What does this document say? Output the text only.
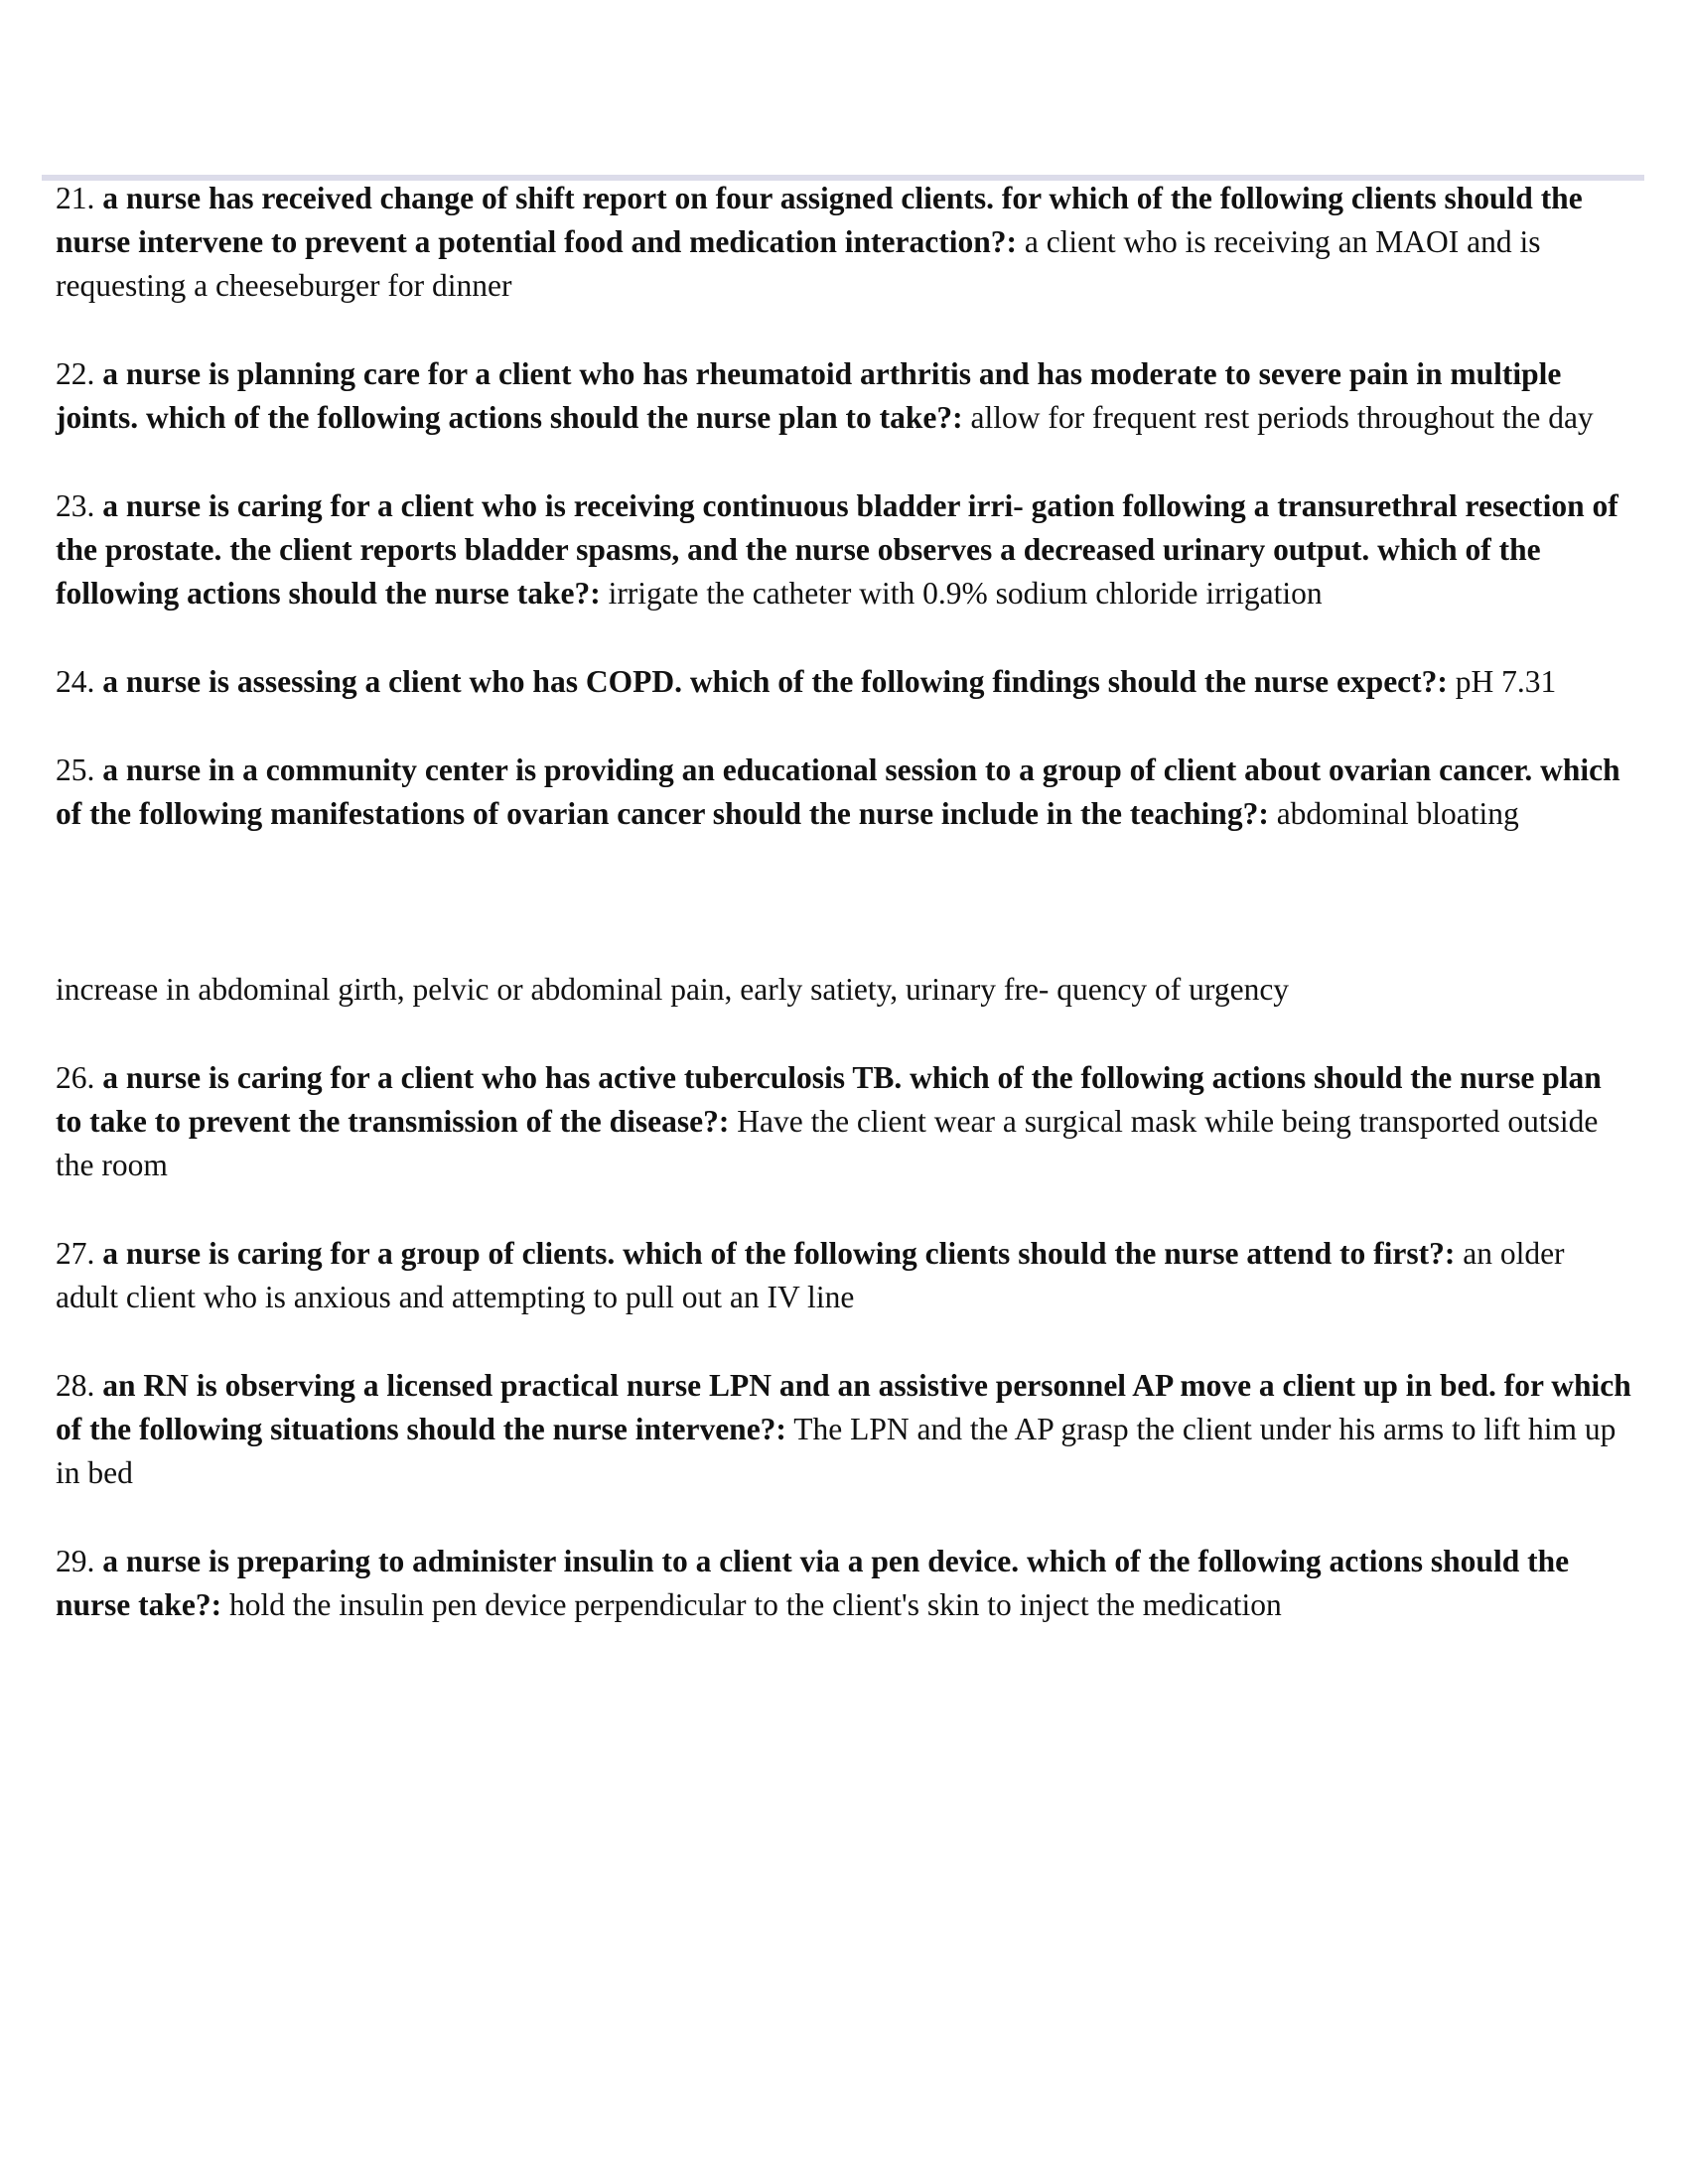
21. a nurse has received change of shift report on four assigned clients. for which of the following clients should the nurse intervene to prevent a potential food and medication interaction?: a client who is receiving an MAOI and is requesting a cheeseburger for dinner

22. a nurse is planning care for a client who has rheumatoid arthritis and has moderate to severe pain in multiple joints. which of the following actions should the nurse plan to take?: allow for frequent rest periods throughout the day

23. a nurse is caring for a client who is receiving continuous bladder irri- gation following a transurethral resection of the prostate. the client reports bladder spasms, and the nurse observes a decreased urinary output. which of the following actions should the nurse take?: irrigate the catheter with 0.9% sodium chloride irrigation

24. a nurse is assessing a client who has COPD. which of the following findings should the nurse expect?: pH 7.31

25. a nurse in a community center is providing an educational session to a group of client about ovarian cancer. which of the following manifestations of ovarian cancer should the nurse include in the teaching?: abdominal bloating

increase in abdominal girth, pelvic or abdominal pain, early satiety, urinary fre- quency of urgency

26. a nurse is caring for a client who has active tuberculosis TB. which of the following actions should the nurse plan to take to prevent the transmission of the disease?: Have the client wear a surgical mask while being transported outside the room

27. a nurse is caring for a group of clients. which of the following clients should the nurse attend to first?: an older adult client who is anxious and attempting to pull out an IV line

28. an RN is observing a licensed practical nurse LPN and an assistive personnel AP move a client up in bed. for which of the following situations should the nurse intervene?: The LPN and the AP grasp the client under his arms to lift him up in bed

29. a nurse is preparing to administer insulin to a client via a pen device. which of the following actions should the nurse take?: hold the insulin pen device perpendicular to the client's skin to inject the medication
